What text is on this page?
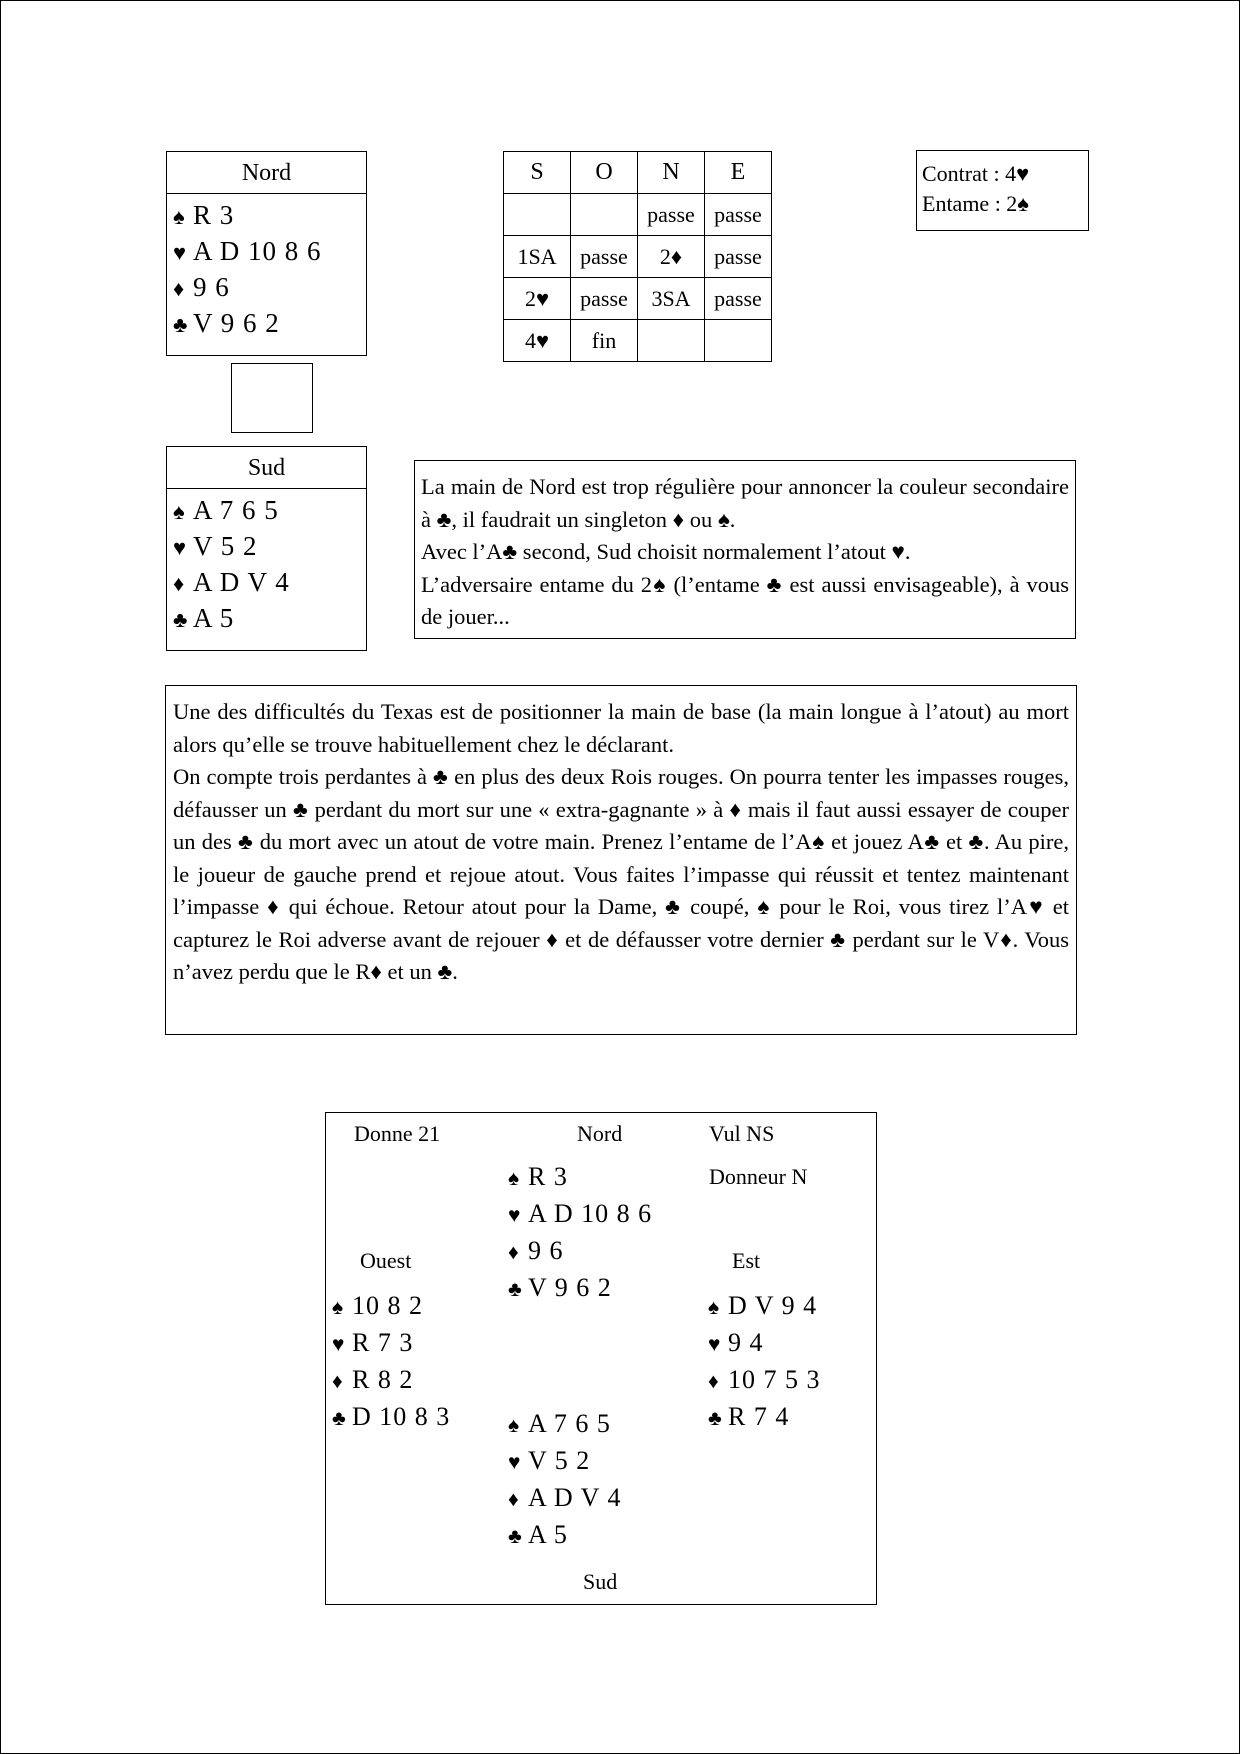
Nord
♠ R 3
♥ A D 10 8 6
♦ 9 6
♣ V 9 6 2
Sud
♠ A 7 6 5
♥ V 5 2
♦ A D V 4
♣ A 5
S	O	N	E
		passe	passe
1SA	passe	2♦	passe
2♥	passe	3SA	passe
4♥	fin		
Contrat : 4♥
Entame : 2♠

La main de Nord est trop régulière pour annoncer la couleur secondaire à ♣, il faudrait un singleton ♦ ou ♠.

Avec l’A♣ second, Sud choisit normalement l’atout ♥.

L’adversaire entame du 2♠ (l’entame ♣ est aussi envisageable), à vous de jouer...

Une des difficultés du Texas est de positionner la main de base (la main longue à l’atout) au mort alors qu’elle se trouve habituellement chez le déclarant.

On compte trois perdantes à ♣ en plus des deux Rois rouges. On pourra tenter les impasses rouges, défausser un ♣ perdant du mort sur une « extra-gagnante » à ♦ mais il faut aussi essayer de couper un des ♣ du mort avec un atout de votre main. Prenez l’entame de l’A♠ et jouez A♣ et ♣. Au pire, le joueur de gauche prend et rejoue atout. Vous faites l’impasse qui réussit et tentez maintenant l’impasse ♦ qui échoue. Retour atout pour la Dame, ♣ coupé, ♠ pour le Roi, vous tirez l’A♥ et capturez le Roi adverse avant de rejouer ♦ et de défausser votre dernier ♣ perdant sur le V♦. Vous n’avez perdu que le R♦ et un ♣.

Donne 21	Nord	Vul NS
Donneur N
Ouest	Est
Sud
♠ R 3
♥ A D 10 8 6
♦ 9 6
♣ V 9 6 2
♠ 10 8 2
♥ R 7 3
♦ R 8 2
♣ D 10 8 3
♠ D V 9 4
♥ 9 4
♦ 10 7 5 3
♣ R 7 4
♠ A 7 6 5
♥ V 5 2
♦ A D V 4
♣ A 5
